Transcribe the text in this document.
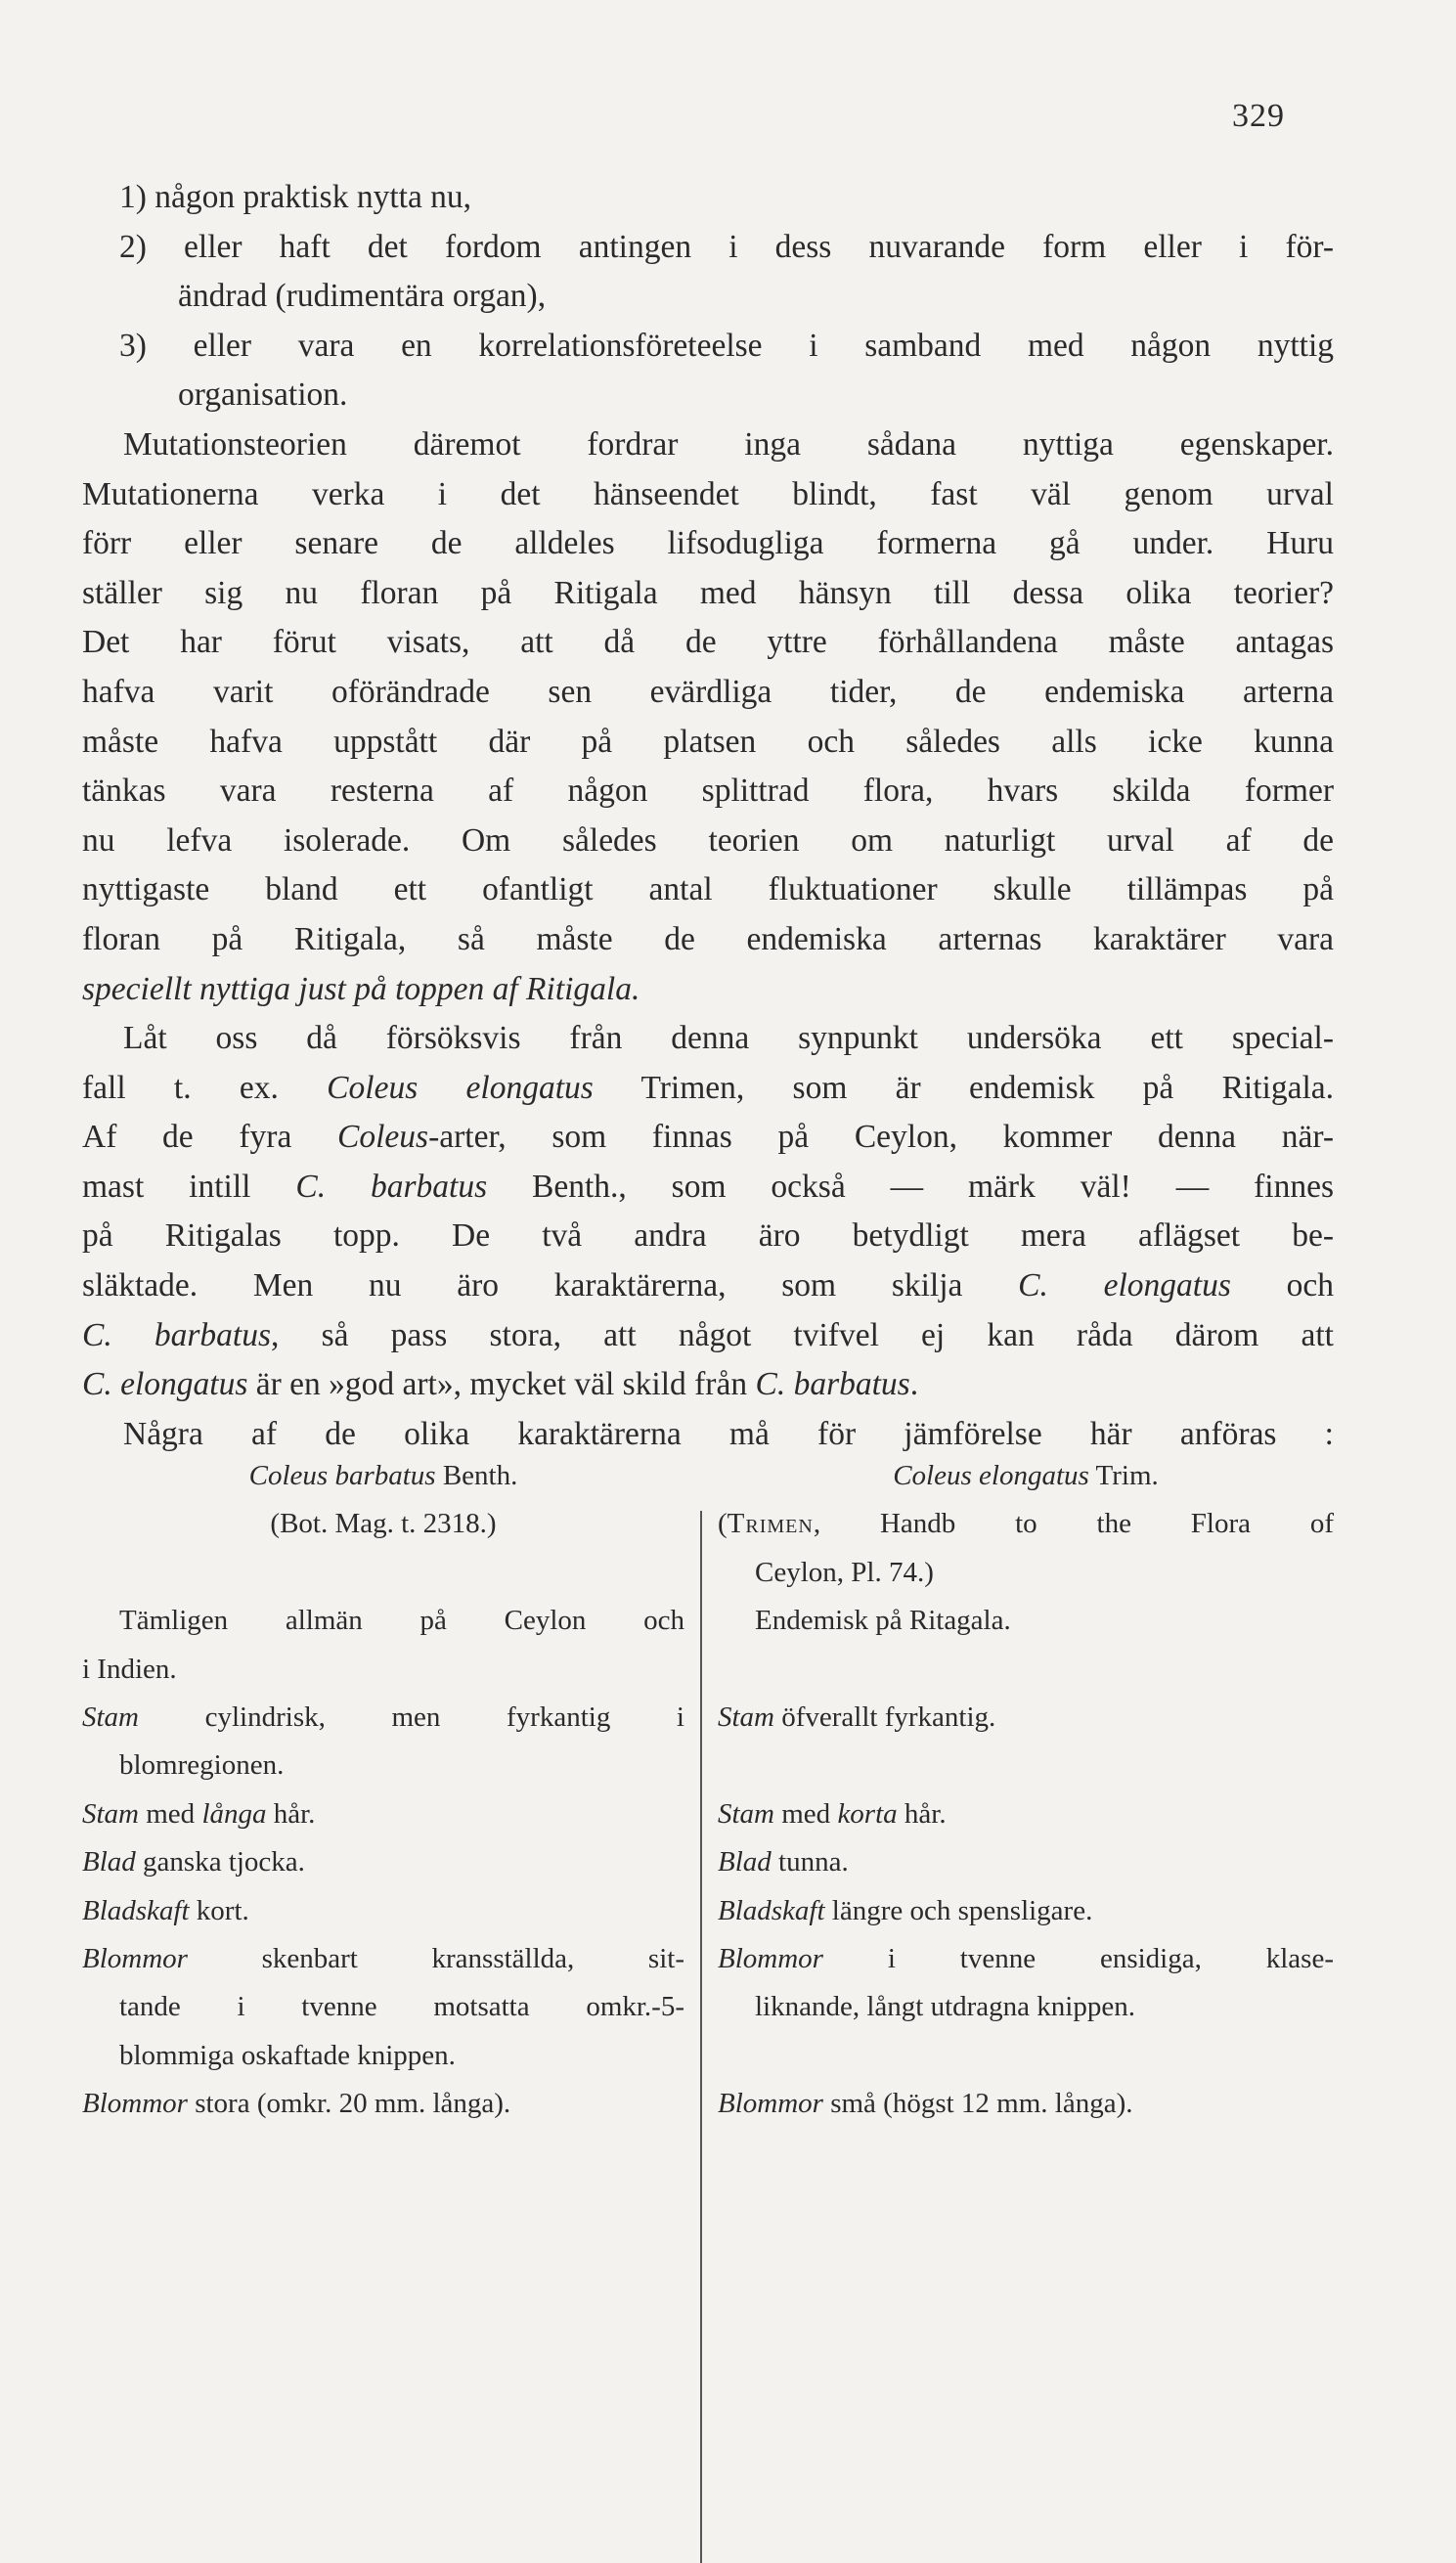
329
1) någon praktisk nytta nu,
2) eller haft det fordom antingen i dess nuvarande form eller i för-
ändrad (rudimentära organ),
3) eller vara en korrelationsföreteelse i samband med någon nyttig
organisation.
Mutationsteorien däremot fordrar inga sådana nyttiga egenskaper.
Mutationerna verka i det hänseendet blindt, fast väl genom urval
förr eller senare de alldeles lifsodugliga formerna gå under. Huru
ställer sig nu floran på Ritigala med hänsyn till dessa olika teorier?
Det har förut visats, att då de yttre förhållandena måste antagas
hafva varit oförändrade sen evärdliga tider, de endemiska arterna
måste hafva uppstått där på platsen och således alls icke kunna
tänkas vara resterna af någon splittrad flora, hvars skilda former
nu lefva isolerade. Om således teorien om naturligt urval af de
nyttigaste bland ett ofantligt antal fluktuationer skulle tillämpas på
floran på Ritigala, så måste de endemiska arternas karaktärer vara
speciellt nyttiga just på toppen af Ritigala.
Låt oss då försöksvis från denna synpunkt undersöka ett special-
fall t. ex. Coleus elongatus Trimen, som är endemisk på Ritigala.
Af de fyra Coleus-arter, som finnas på Ceylon, kommer denna när-
mast intill C. barbatus Benth., som också — märk väl! — finnes
på Ritigalas topp. De två andra äro betydligt mera aflägset be-
släktade. Men nu äro karaktärerna, som skilja C. elongatus och
C. barbatus, så pass stora, att något tvifvel ej kan råda därom att
C. elongatus är en »god art», mycket väl skild från C. barbatus.
Några af de olika karaktärerna må för jämförelse här anföras :
Coleus barbatus Benth.
(Bot. Mag. t. 2318.)
Tämligen allmän på Ceylon och
i Indien.
Stam cylindrisk, men fyrkantig i
blomregionen.
Stam med långa hår.
Blad ganska tjocka.
Bladskaft kort.
Blommor skenbart kransställda, sit-
tande i tvenne motsatta omkr.-5-
blommiga oskaftade knippen.
Blommor stora (omkr. 20 mm. långa).
Coleus elongatus Trim.
(Trimen, Handb to the Flora of
Ceylon, Pl. 74.)
Endemisk på Ritagala.
Stam öfverallt fyrkantig.
Stam med korta hår.
Blad tunna.
Bladskaft längre och spensligare.
Blommor i tvenne ensidiga, klase-
liknande, långt utdragna knippen.
Blommor små (högst 12 mm. långa).
